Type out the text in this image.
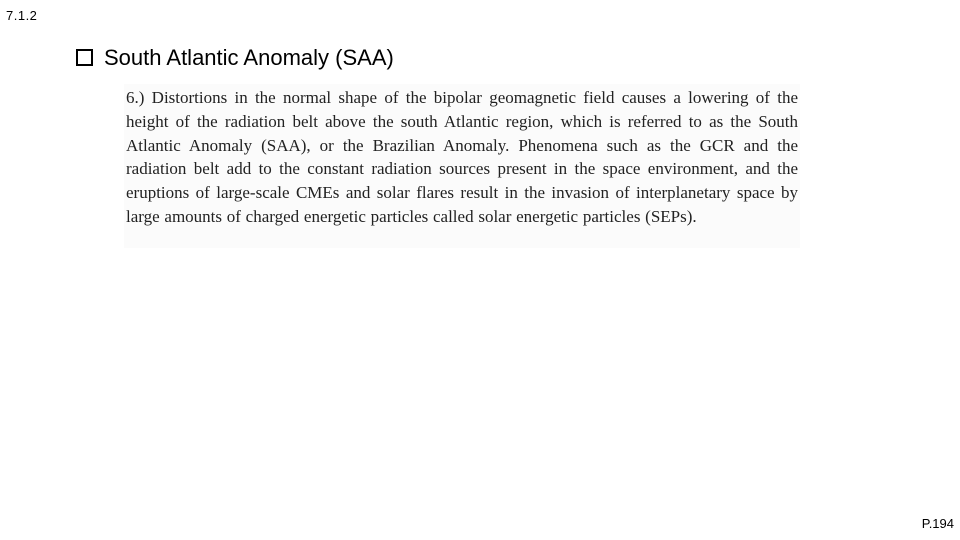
7.1.2
South Atlantic Anomaly (SAA)

6.) Distortions in the normal shape of the bipolar geomagnetic field causes a lowering of the height of the radiation belt above the south Atlantic region, which is referred to as the South Atlantic Anomaly (SAA), or the Brazilian Anomaly. Phenomena such as the GCR and the radiation belt add to the constant radiation sources present in the space environment, and the eruptions of large-scale CMEs and solar flares result in the invasion of interplanetary space by large amounts of charged energetic particles called solar energetic particles (SEPs).

P.194
